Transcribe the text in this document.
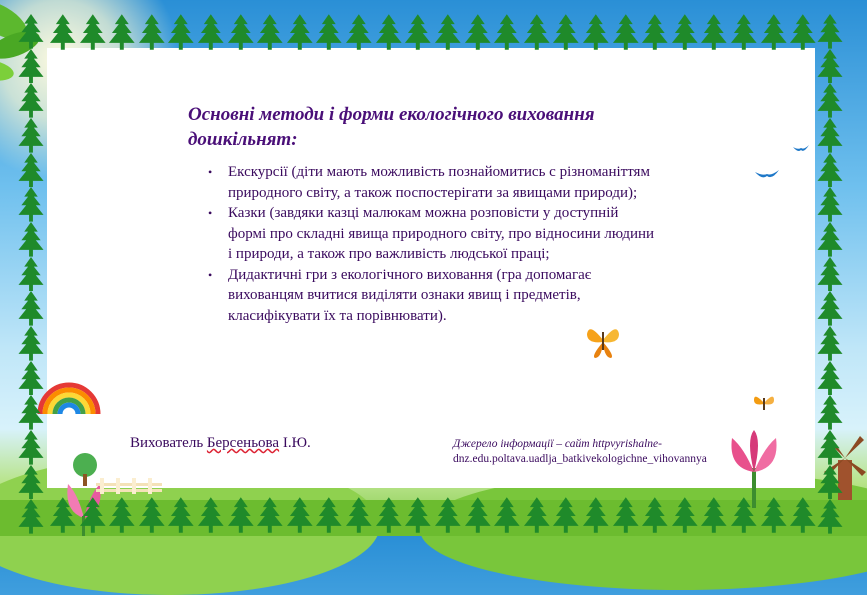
Основні методи і форми екологічного виховання дошкільнят:

• Екскурсії (діти мають можливість познайомитись с різноманіттям природного світу, а також поспостерігати за явищами природи);
• Казки (завдяки казці малюкам можна розповісти у доступній формі про складні явища природного світу, про відносини людини і природи, а також про важливість людської праці;
• Дидактичні гри з екологічного виховання (гра допомагає вихованцям вчитися виділяти ознаки явищ і предметів, класифікувати їх та порівнювати).
Вихователь Берсеньова І.Ю.	Джерело інформації – сайт httpvyrishalne-
dnz.edu.poltava.uadlja_batkivekologichne_vihovannya
